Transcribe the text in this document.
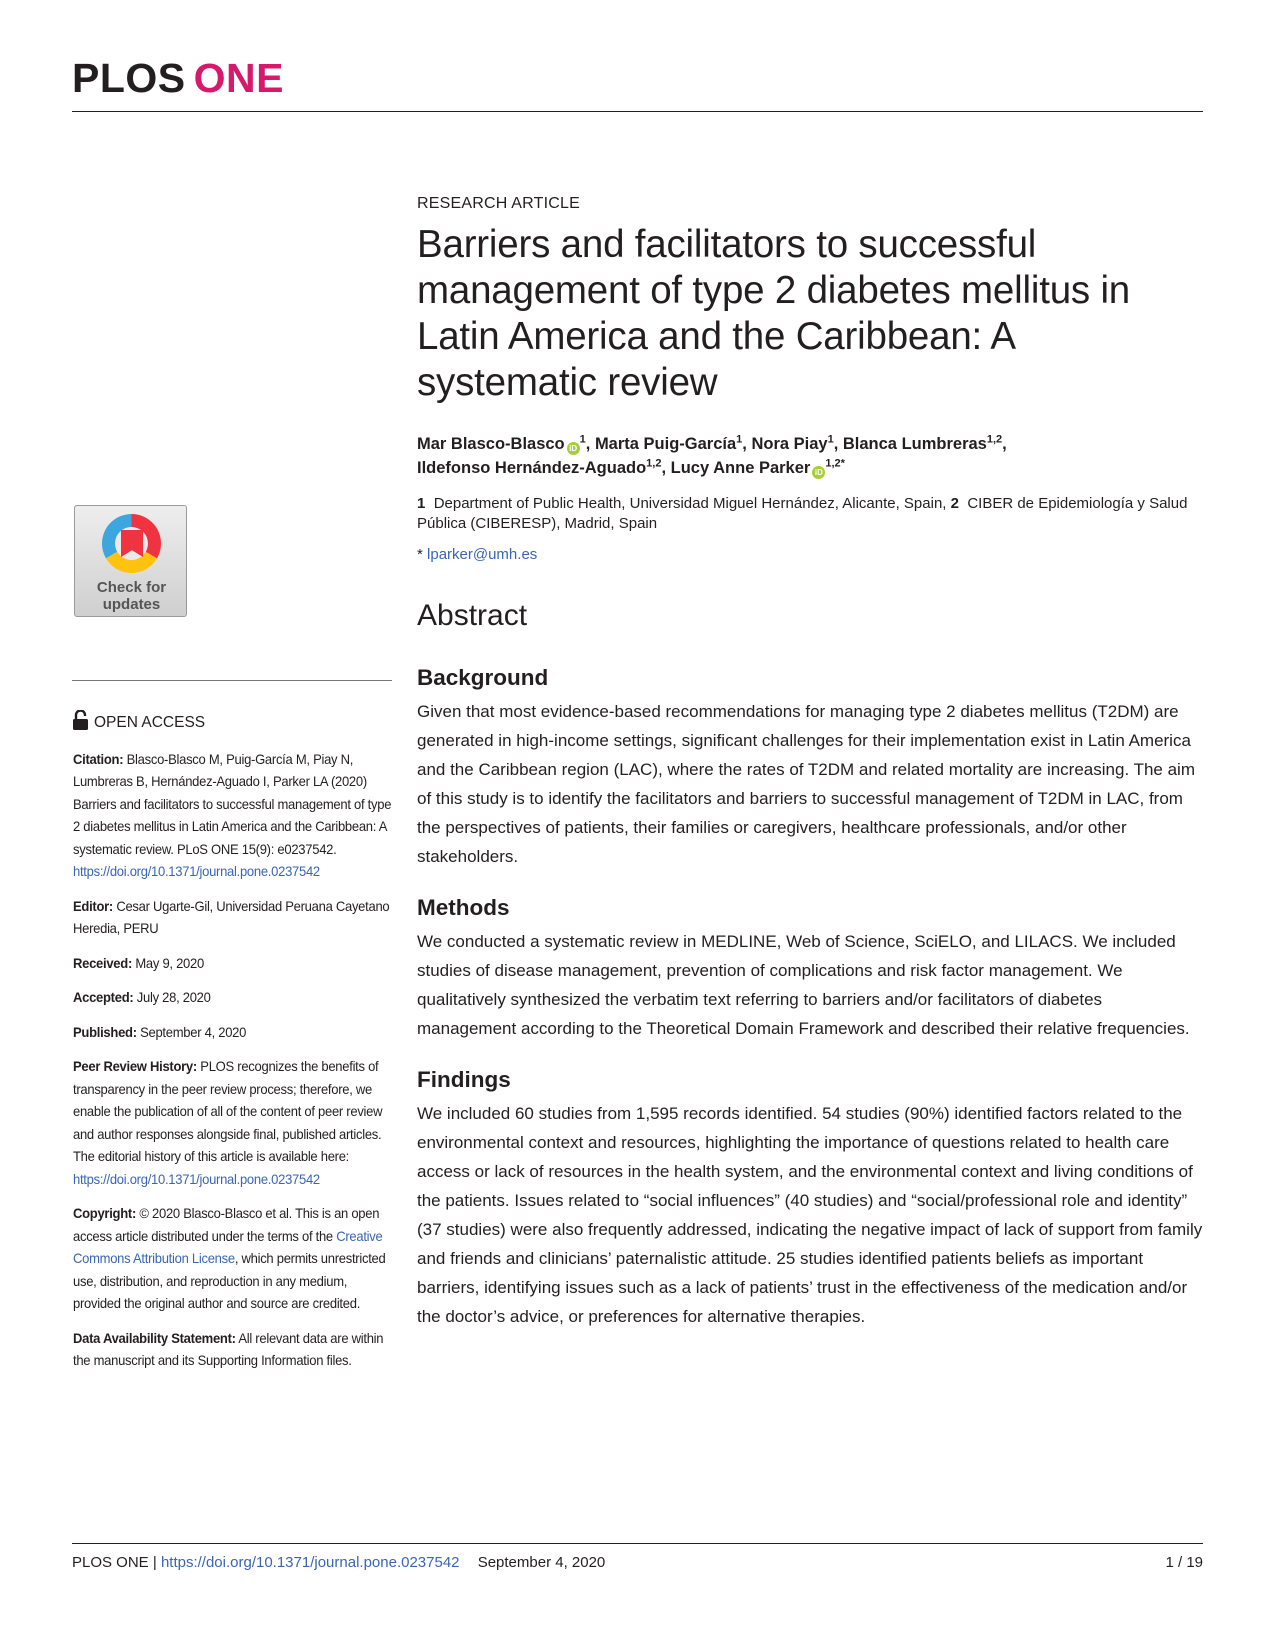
PLOS ONE
Check for
updates
OPEN ACCESS

Citation: Blasco-Blasco M, Puig-García M, Piay N, Lumbreras B, Hernández-Aguado I, Parker LA (2020) Barriers and facilitators to successful management of type 2 diabetes mellitus in Latin America and the Caribbean: A systematic review. PLoS ONE 15(9): e0237542. https://doi.org/10.1371/journal.pone.0237542

Editor: Cesar Ugarte-Gil, Universidad Peruana Cayetano Heredia, PERU

Received: May 9, 2020

Accepted: July 28, 2020

Published: September 4, 2020

Peer Review History: PLOS recognizes the benefits of transparency in the peer review process; therefore, we enable the publication of all of the content of peer review and author responses alongside final, published articles. The editorial history of this article is available here: https://doi.org/10.1371/journal.pone.0237542

Copyright: © 2020 Blasco-Blasco et al. This is an open access article distributed under the terms of the Creative Commons Attribution License, which permits unrestricted use, distribution, and reproduction in any medium, provided the original author and source are credited.

Data Availability Statement: All relevant data are within the manuscript and its Supporting Information files.

RESEARCH ARTICLE
Barriers and facilitators to successful management of type 2 diabetes mellitus in Latin America and the Caribbean: A systematic review
Mar Blasco-Blasco $iD^1$, Marta Puig-García$^1$, Nora Piay$^1$, Blanca Lumbreras$^{1,2}$,
Ildefonso Hernández-Aguado$^{1,2}$, Lucy Anne Parker $iD^{1,2*}$
1 Department of Public Health, Universidad Miguel Hernández, Alicante, Spain, 2 CIBER de Epidemiología y Salud Pública (CIBERESP), Madrid, Spain
* lparker@umh.es
Abstract
Background

Given that most evidence-based recommendations for managing type 2 diabetes mellitus (T2DM) are generated in high-income settings, significant challenges for their implementation exist in Latin America and the Caribbean region (LAC), where the rates of T2DM and related mortality are increasing. The aim of this study is to identify the facilitators and barriers to successful management of T2DM in LAC, from the perspectives of patients, their families or caregivers, healthcare professionals, and/or other stakeholders.

Methods

We conducted a systematic review in MEDLINE, Web of Science, SciELO, and LILACS. We included studies of disease management, prevention of complications and risk factor management. We qualitatively synthesized the verbatim text referring to barriers and/or facilitators of diabetes management according to the Theoretical Domain Framework and described their relative frequencies.

Findings

We included 60 studies from 1,595 records identified. 54 studies (90%) identified factors related to the environmental context and resources, highlighting the importance of questions related to health care access or lack of resources in the health system, and the environmental context and living conditions of the patients. Issues related to “social influences” (40 studies) and “social/professional role and identity” (37 studies) were also frequently addressed, indicating the negative impact of lack of support from family and friends and clinicians’ paternalistic attitude. 25 studies identified patients beliefs as important barriers, identifying issues such as a lack of patients’ trust in the effectiveness of the medication and/or the doctor’s advice, or preferences for alternative therapies.

PLOS ONE | https://doi.org/10.1371/journal.pone.0237542 September 4, 2020	1 / 19
